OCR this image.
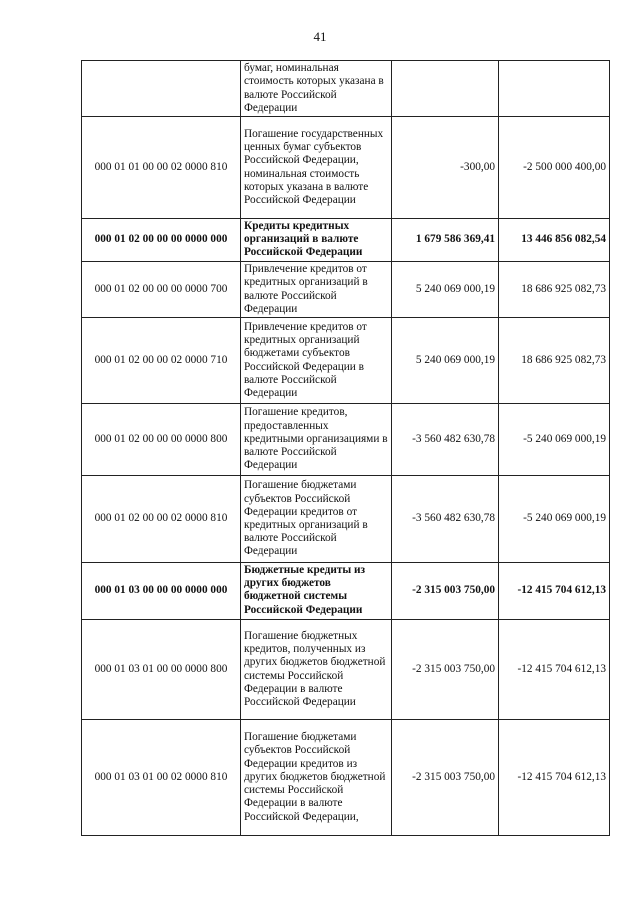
41
	бумаг, номинальная стоимость которых указана в валюте Российской Федерации		
000 01 01 00 00 02 0000 810	Погашение государственных ценных бумаг субъектов Российской Федерации, номинальная стоимость которых указана в валюте Российской Федерации	-300,00	-2 500 000 400,00
000 01 02 00 00 00 0000 000	Кредиты кредитных организаций в валюте Российской Федерации	1 679 586 369,41	13 446 856 082,54
000 01 02 00 00 00 0000 700	Привлечение кредитов от кредитных организаций в валюте Российской Федерации	5 240 069 000,19	18 686 925 082,73
000 01 02 00 00 02 0000 710	Привлечение кредитов от кредитных организаций бюджетами субъектов Российской Федерации в валюте Российской Федерации	5 240 069 000,19	18 686 925 082,73
000 01 02 00 00 00 0000 800	Погашение кредитов, предоставленных кредитными организациями в валюте Российской Федерации	-3 560 482 630,78	-5 240 069 000,19
000 01 02 00 00 02 0000 810	Погашение бюджетами субъектов Российской Федерации кредитов от кредитных организаций в валюте Российской Федерации	-3 560 482 630,78	-5 240 069 000,19
000 01 03 00 00 00 0000 000	Бюджетные кредиты из других бюджетов бюджетной системы Российской Федерации	-2 315 003 750,00	-12 415 704 612,13
000 01 03 01 00 00 0000 800	Погашение бюджетных кредитов, полученных из других бюджетов бюджетной системы Российской Федерации в валюте Российской Федерации	-2 315 003 750,00	-12 415 704 612,13
000 01 03 01 00 02 0000 810	Погашение бюджетами субъектов Российской Федерации кредитов из других бюджетов бюджетной системы Российской Федерации в валюте Российской Федерации,	-2 315 003 750,00	-12 415 704 612,13
